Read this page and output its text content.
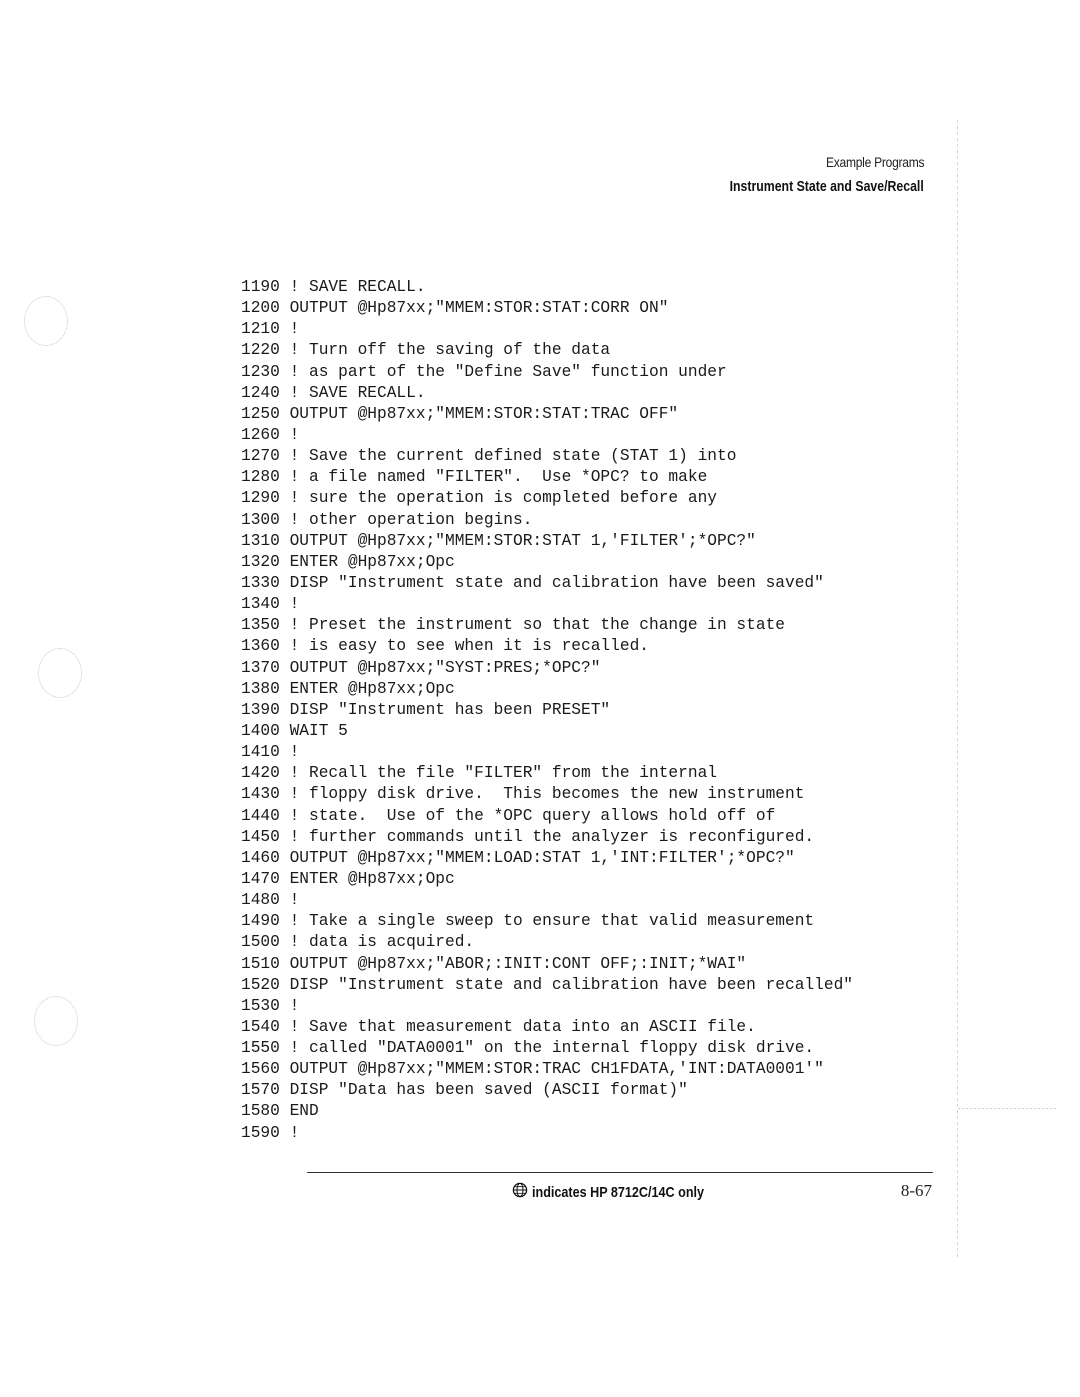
Example Programs
Instrument State and Save/Recall
1190 ! SAVE RECALL.
1200 OUTPUT @Hp87xx;"MMEM:STOR:STAT:CORR ON"
1210 !
1220 ! Turn off the saving of the data
1230 ! as part of the "Define Save" function under
1240 ! SAVE RECALL.
1250 OUTPUT @Hp87xx;"MMEM:STOR:STAT:TRAC OFF"
1260 !
1270 ! Save the current defined state (STAT 1) into
1280 ! a file named "FILTER".  Use *OPC? to make
1290 ! sure the operation is completed before any
1300 ! other operation begins.
1310 OUTPUT @Hp87xx;"MMEM:STOR:STAT 1,'FILTER';*OPC?"
1320 ENTER @Hp87xx;Opc
1330 DISP "Instrument state and calibration have been saved"
1340 !
1350 ! Preset the instrument so that the change in state
1360 ! is easy to see when it is recalled.
1370 OUTPUT @Hp87xx;"SYST:PRES;*OPC?"
1380 ENTER @Hp87xx;Opc
1390 DISP "Instrument has been PRESET"
1400 WAIT 5
1410 !
1420 ! Recall the file "FILTER" from the internal
1430 ! floppy disk drive.  This becomes the new instrument
1440 ! state.  Use of the *OPC query allows hold off of
1450 ! further commands until the analyzer is reconfigured.
1460 OUTPUT @Hp87xx;"MMEM:LOAD:STAT 1,'INT:FILTER';*OPC?"
1470 ENTER @Hp87xx;Opc
1480 !
1490 ! Take a single sweep to ensure that valid measurement
1500 ! data is acquired.
1510 OUTPUT @Hp87xx;"ABOR;:INIT:CONT OFF;:INIT;*WAI"
1520 DISP "Instrument state and calibration have been recalled"
1530 !
1540 ! Save that measurement data into an ASCII file.
1550 ! called "DATA0001" on the internal floppy disk drive.
1560 OUTPUT @Hp87xx;"MMEM:STOR:TRAC CH1FDATA,'INT:DATA0001'"
1570 DISP "Data has been saved (ASCII format)"
1580 END
1590 !
indicates HP 8712C/14C only	8-67
